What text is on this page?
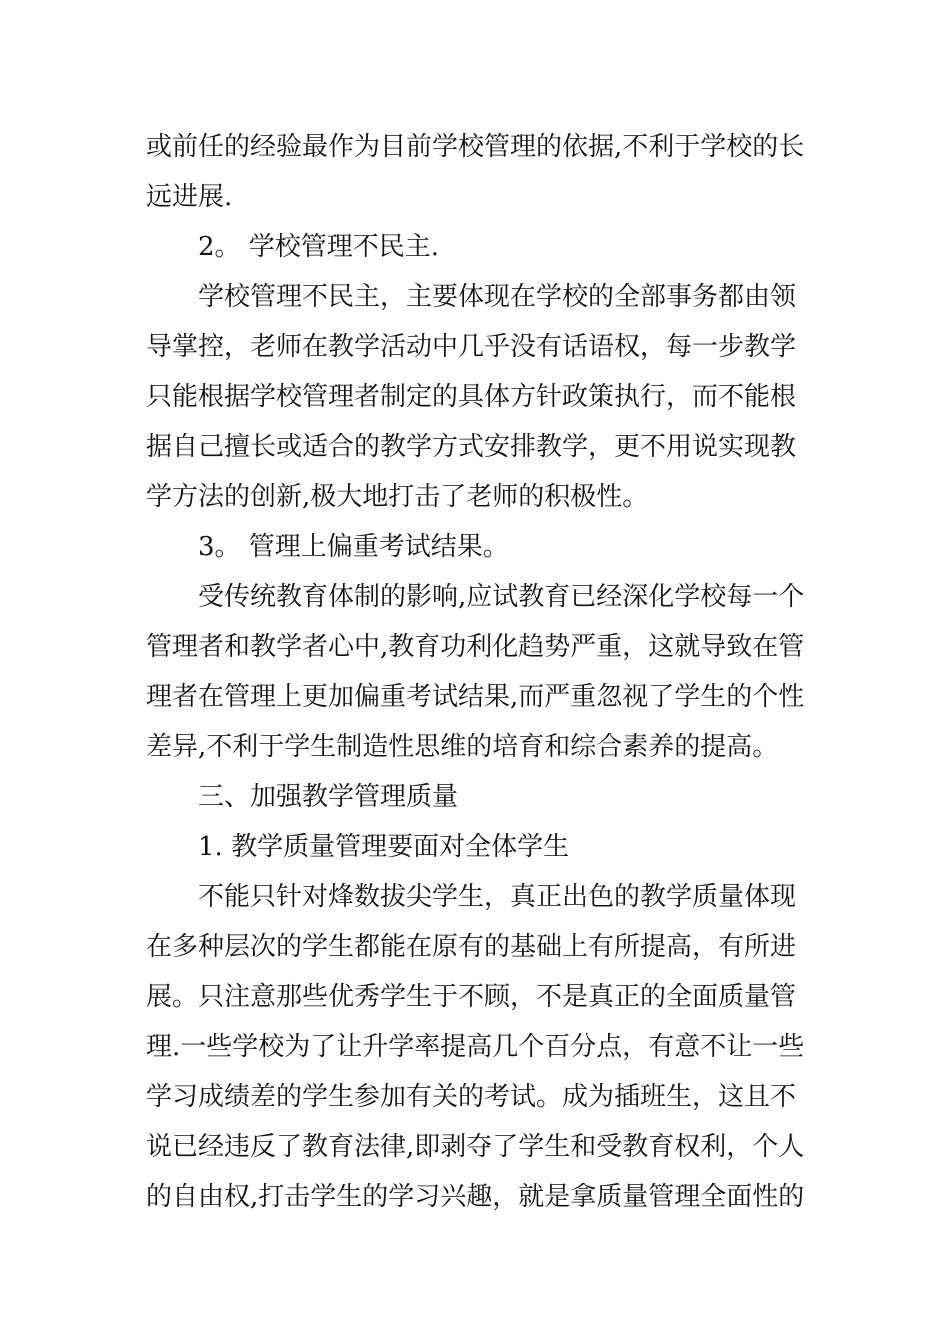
或前任的经验最作为目前学校管理的依据,不利于学校的长
远进展.
2。 学校管理不民主.
学校管理不民主，主要体现在学校的全部事务都由领
导掌控，老师在教学活动中几乎没有话语权，每一步教学
只能根据学校管理者制定的具体方针政策执行，而不能根
据自己擅长或适合的教学方式安排教学，更不用说实现教
学方法的创新,极大地打击了老师的积极性。
3。 管理上偏重考试结果。
受传统教育体制的影响,应试教育已经深化学校每一个
管理者和教学者心中,教育功利化趋势严重，这就导致在管
理者在管理上更加偏重考试结果,而严重忽视了学生的个性
差异,不利于学生制造性思维的培育和综合素养的提高。
三、加强教学管理质量
1. 教学质量管理要面对全体学生
不能只针对烽数拔尖学生，真正出色的教学质量体现
在多种层次的学生都能在原有的基础上有所提高，有所进
展。只注意那些优秀学生于不顾，不是真正的全面质量管
理.一些学校为了让升学率提高几个百分点，有意不让一些
学习成绩差的学生参加有关的考试。成为插班生，这且不
说已经违反了教育法律,即剥夺了学生和受教育权利，个人
的自由权,打击学生的学习兴趣，就是拿质量管理全面性的
